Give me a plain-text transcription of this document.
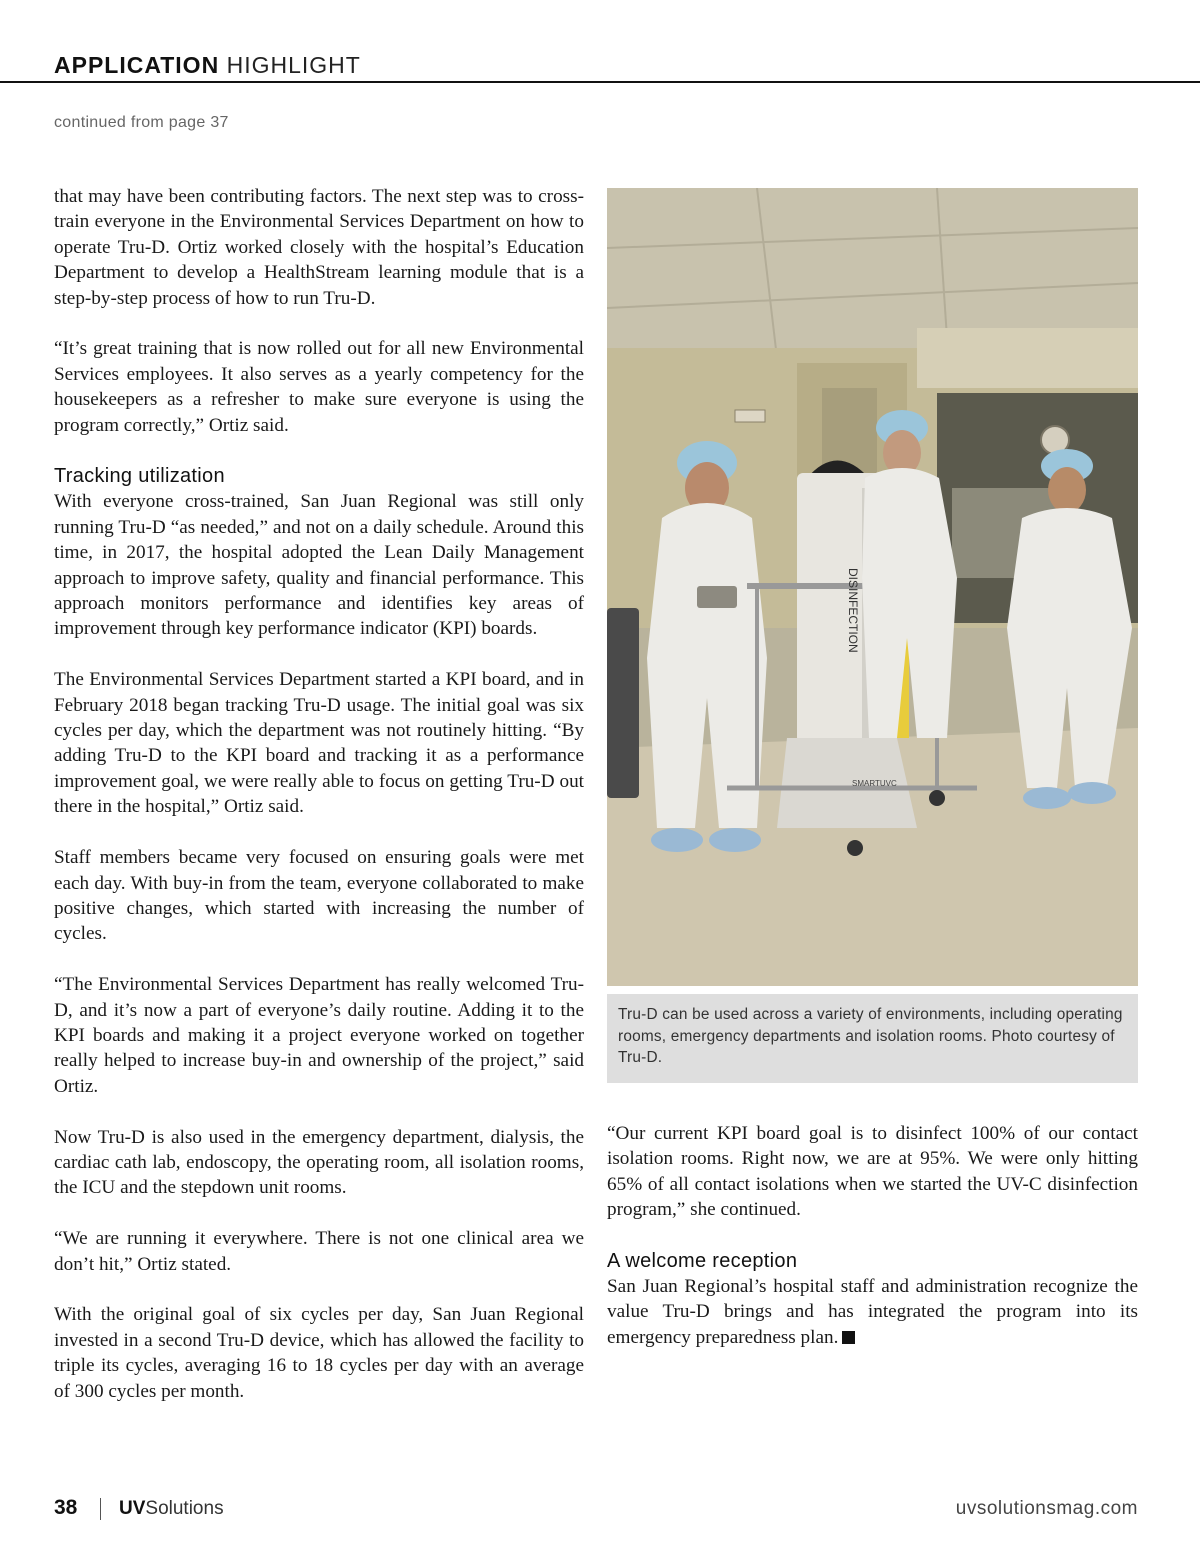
APPLICATION HIGHLIGHT
continued from page 37

that may have been contributing factors. The next step was to cross-train everyone in the Environmental Services Department on how to operate Tru-D. Ortiz worked closely with the hospital’s Education Department to develop a HealthStream learning module that is a step-by-step process of how to run Tru-D.

“It’s great training that is now rolled out for all new Environmental Services employees. It also serves as a yearly competency for the housekeepers as a refresher to make sure everyone is using the program correctly,” Ortiz said.

Tracking utilization

With everyone cross-trained, San Juan Regional was still only running Tru-D “as needed,” and not on a daily schedule. Around this time, in 2017, the hospital adopted the Lean Daily Management approach to improve safety, quality and financial performance. This approach monitors performance and identifies key areas of improvement through key performance indicator (KPI) boards.

The Environmental Services Department started a KPI board, and in February 2018 began tracking Tru-D usage. The initial goal was six cycles per day, which the department was not routinely hitting. “By adding Tru-D to the KPI board and tracking it as a performance improvement goal, we were really able to focus on getting Tru-D out there in the hospital,” Ortiz said.

Staff members became very focused on ensuring goals were met each day. With buy-in from the team, everyone collaborated to make positive changes, which started with increasing the number of cycles.

“The Environmental Services Department has really welcomed Tru-D, and it’s now a part of everyone’s daily routine. Adding it to the KPI boards and making it a project everyone worked on together really helped to increase buy-in and ownership of the project,” said Ortiz.

Now Tru-D is also used in the emergency department, dialysis, the cardiac cath lab, endoscopy, the operating room, all isolation rooms, the ICU and the stepdown unit rooms.

“We are running it everywhere. There is not one clinical area we don’t hit,” Ortiz stated.

With the original goal of six cycles per day, San Juan Regional invested in a second Tru-D device, which has allowed the facility to triple its cycles, averaging 16 to 18 cycles per day with an average of 300 cycles per month.

DISINFECTION
SMARTUVC
Tru-D can be used across a variety of environments, including operating rooms, emergency departments and isolation rooms. Photo courtesy of Tru-D.

“Our current KPI board goal is to disinfect 100% of our contact isolation rooms. Right now, we are at 95%. We were only hitting 65% of all contact isolations when we started the UV-C disinfection program,” she continued.

A welcome reception

San Juan Regional’s hospital staff and administration recognize the value Tru-D brings and has integrated the program into its emergency preparedness plan.

38 UVSolutions	uvsolutionsmag.com
